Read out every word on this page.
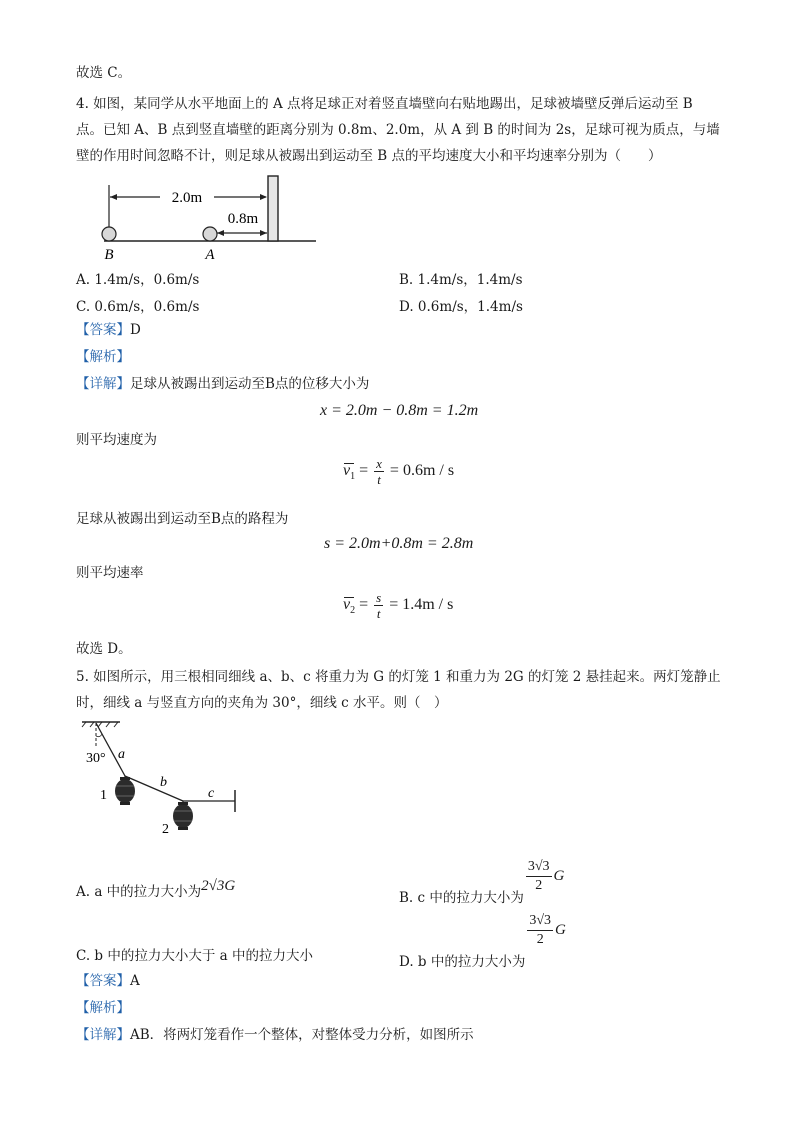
故选 C。
4. 如图，某同学从水平地面上的 A 点将足球正对着竖直墙壁向右贴地踢出，足球被墙壁反弹后运动至 B
点。已知 A、B 点到竖直墙壁的距离分别为 0.8m、2.0m，从 A 到 B 的时间为 2s，足球可视为质点，与墙
壁的作用时间忽略不计，则足球从被踢出到运动至 B 点的平均速度大小和平均速率分别为（　　）
2.0m
0.8m
B	A
A. 1.4m/s，0.6m/s	B. 1.4m/s，1.4m/s
C. 0.6m/s，0.6m/s	D. 0.6m/s，1.4m/s
【答案】D
【解析】
【详解】足球从被踢出到运动至B点的位移大小为
x = 2.0m − 0.8m = 1.2m
则平均速度为
$v_1 = \frac{x}{t} = 0.6m / s$
足球从被踢出到运动至B点的路程为
s = 2.0m+0.8m = 2.8m
则平均速率
$v_2 = \frac{s}{t} = 1.4m / s$
故选 D。
5. 如图所示，用三根相同细线 a、b、c 将重力为 G 的灯笼 1 和重力为 2G 的灯笼 2 悬挂起来。两灯笼静止
时，细线 a 与竖直方向的夹角为 30°，细线 c 水平。则（　）
30° a
1
b
2
c
A. a 中的拉力大小为2√3G
B. c 中的拉力大小为
$\frac{3√3}{2}$ G
C. b 中的拉力大小大于 a 中的拉力大小	D. b 中的拉力大小为
$\frac{3√3}{2}$ G
【答案】A
【解析】
【详解】AB．将两灯笼看作一个整体，对整体受力分析，如图所示
